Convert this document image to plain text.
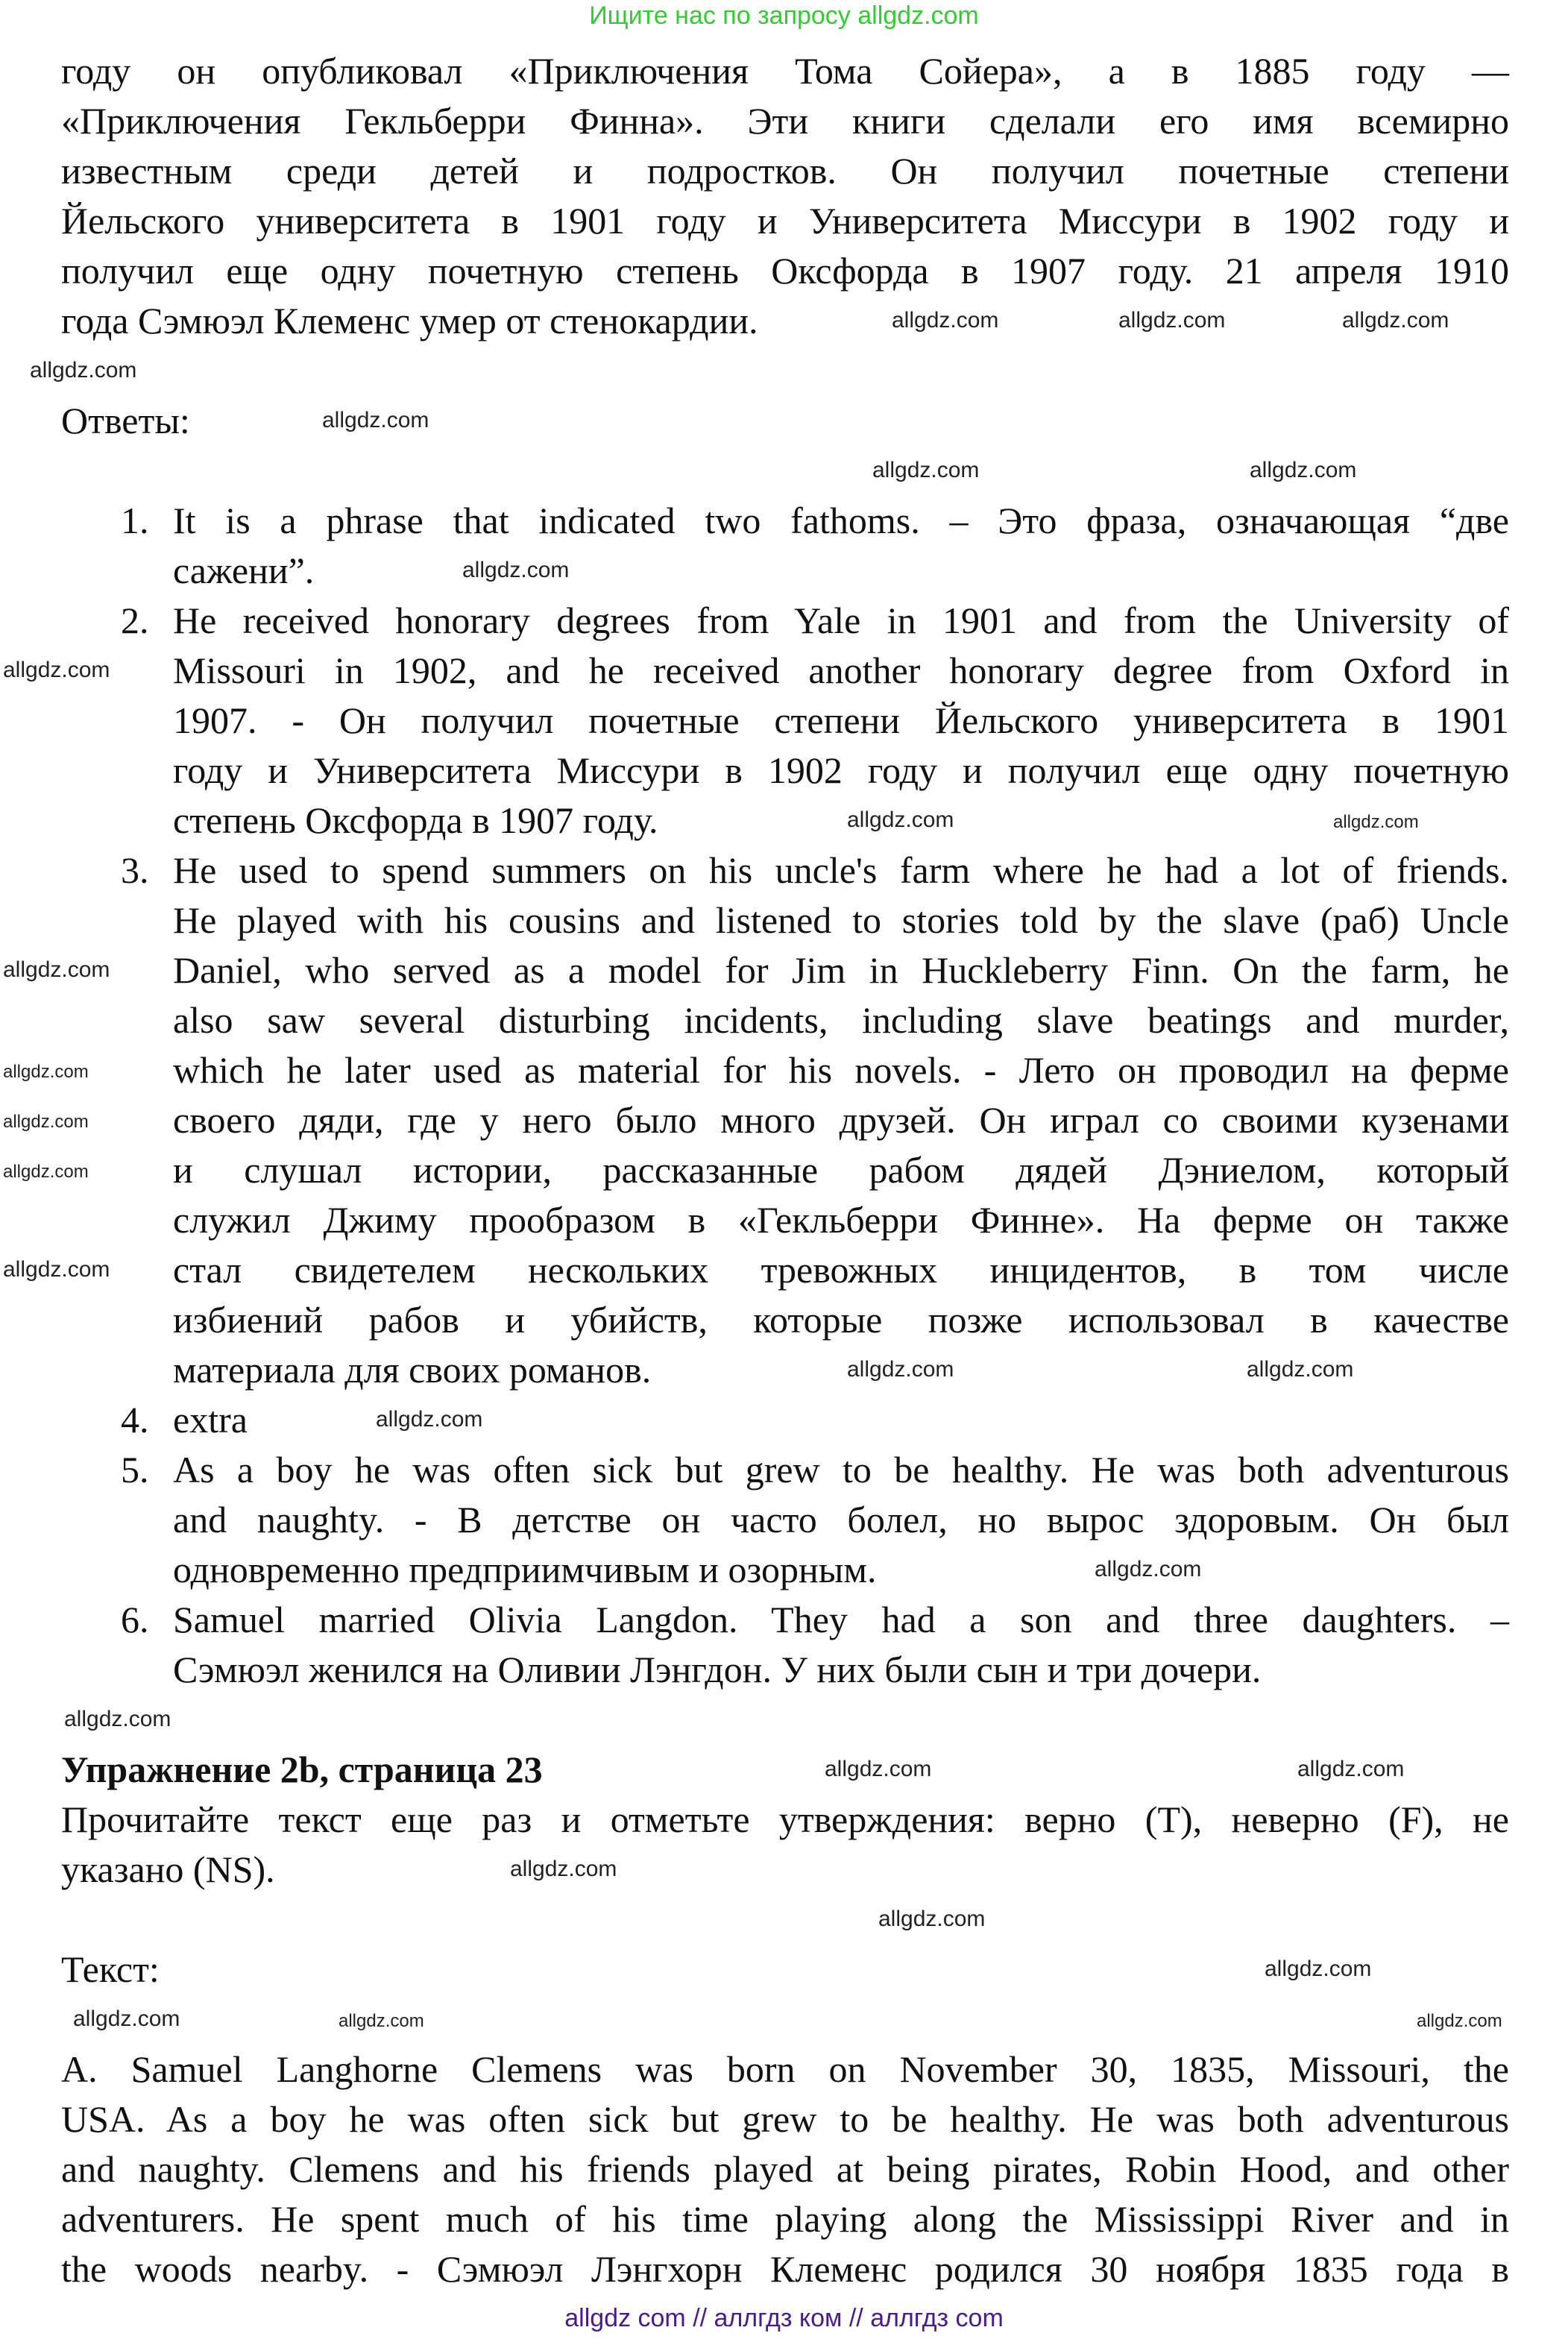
Ищите нас по запросу allgdz.com
году он опубликовал «Приключения Тома Сойера», а в 1885 году —
«Приключения Гекльберри Финна». Эти книги сделали его имя всемирно
известным среди детей и подростков. Он получил почетные степени
Йельского университета в 1901 году и Университета Миссури в 1902 году и
получил еще одну почетную степень Оксфорда в 1907 году. 21 апреля 1910
года Сэмюэл Клеменс умер от стенокардии.
Ответы:
1. It is a phrase that indicated two fathoms. – Это фраза, означающая “две
сажени”.
2. He received honorary degrees from Yale in 1901 and from the University of
Missouri in 1902, and he received another honorary degree from Oxford in
1907. - Он получил почетные степени Йельского университета в 1901
году и Университета Миссури в 1902 году и получил еще одну почетную
степень Оксфорда в 1907 году.
3. He used to spend summers on his uncle's farm where he had a lot of friends.
He played with his cousins and listened to stories told by the slave (раб) Uncle
Daniel, who served as a model for Jim in Huckleberry Finn. On the farm, he
also saw several disturbing incidents, including slave beatings and murder,
which he later used as material for his novels. - Лето он проводил на ферме
своего дяди, где у него было много друзей. Он играл со своими кузенами
и слушал истории, рассказанные рабом дядей Дэниелом, который
служил Джиму прообразом в «Гекльберри Финне». На ферме он также
стал свидетелем нескольких тревожных инцидентов, в том числе
избиений рабов и убийств, которые позже использовал в качестве
материала для своих романов.
4. extra
5. As a boy he was often sick but grew to be healthy. He was both adventurous
and naughty. - В детстве он часто болел, но вырос здоровым. Он был
одновременно предприимчивым и озорным.
6. Samuel married Olivia Langdon. They had a son and three daughters. –
Сэмюэл женился на Оливии Лэнгдон. У них были сын и три дочери.
Упражнение 2b, страница 23
Прочитайте текст еще раз и отметьте утверждения: верно (T), неверно (F), не
указано (NS).
Текст:
A. Samuel Langhorne Clemens was born on November 30, 1835, Missouri, the
USA. As a boy he was often sick but grew to be healthy. He was both adventurous
and naughty. Clemens and his friends played at being pirates, Robin Hood, and other
adventurers. He spent much of his time playing along the Mississippi River and in
the woods nearby. - Сэмюэл Лэнгхорн Клеменс родился 30 ноября 1835 года в
allgdz.com
allgdz.com
allgdz.com
allgdz.com
allgdz.com
allgdz.com
allgdz.com
allgdz.com
allgdz.com
allgdz.com
allgdz.com
allgdz.com
allgdz.com
allgdz.com
allgdz.com
allgdz.com
allgdz.com
allgdz.com
allgdz.com
allgdz.com
allgdz.com
allgdz.com
allgdz.com
allgdz.com
allgdz.com
allgdz.com
allgdz.com	allgdz.com	allgdz.com
allgdz com // аллгдз ком // аллгдз com
